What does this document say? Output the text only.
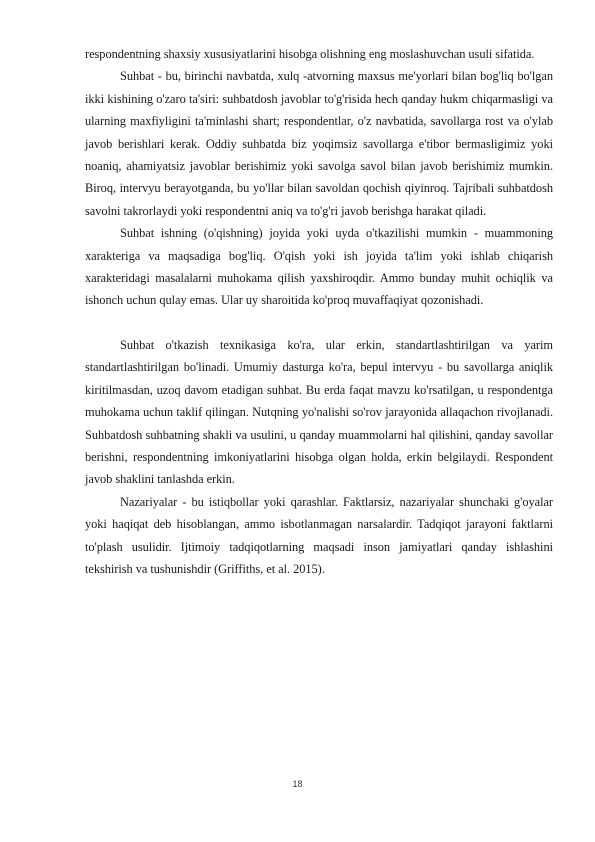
respondentning shaxsiy xususiyatlarini hisobga olishning eng moslashuvchan usuli sifatida.

Suhbat - bu, birinchi navbatda, xulq -atvorning maxsus me'yorlari bilan bog'liq bo'lgan ikki kishining o'zaro ta'siri: suhbatdosh javoblar to'g'risida hech qanday hukm chiqarmasligi va ularning maxfiyligini ta'minlashi shart; respondentlar, o'z navbatida, savollarga rost va o'ylab javob berishlari kerak. Oddiy suhbatda biz yoqimsiz savollarga e'tibor bermasligimiz yoki noaniq, ahamiyatsiz javoblar berishimiz yoki savolga savol bilan javob berishimiz mumkin. Biroq, intervyu berayotganda, bu yo'llar bilan savoldan qochish qiyinroq. Tajribali suhbatdosh savolni takrorlaydi yoki respondentni aniq va to'g'ri javob berishga harakat qiladi.

Suhbat ishning (o'qishning) joyida yoki uyda o'tkazilishi mumkin - muammoning xarakteriga va maqsadiga bog'liq. O'qish yoki ish joyida ta'lim yoki ishlab chiqarish xarakteridagi masalalarni muhokama qilish yaxshiroqdir. Ammo bunday muhit ochiqlik va ishonch uchun qulay emas. Ular uy sharoitida ko'proq muvaffaqiyat qozonishadi.

Suhbat o'tkazish texnikasiga ko'ra, ular erkin, standartlashtirilgan va yarim standartlashtirilgan bo'linadi. Umumiy dasturga ko'ra, bepul intervyu - bu savollarga aniqlik kiritilmasdan, uzoq davom etadigan suhbat. Bu erda faqat mavzu ko'rsatilgan, u respondentga muhokama uchun taklif qilingan. Nutqning yo'nalishi so'rov jarayonida allaqachon rivojlanadi. Suhbatdosh suhbatning shakli va usulini, u qanday muammolarni hal qilishini, qanday savollar berishni, respondentning imkoniyatlarini hisobga olgan holda, erkin belgilaydi. Respondent javob shaklini tanlashda erkin.

Nazariyalar - bu istiqbollar yoki qarashlar. Faktlarsiz, nazariyalar shunchaki g'oyalar yoki haqiqat deb hisoblangan, ammo isbotlanmagan narsalardir. Tadqiqot jarayoni faktlarni to'plash usulidir. Ijtimoiy tadqiqotlarning maqsadi inson jamiyatlari qanday ishlashini tekshirish va tushunishdir (Griffiths, et al. 2015).

18
